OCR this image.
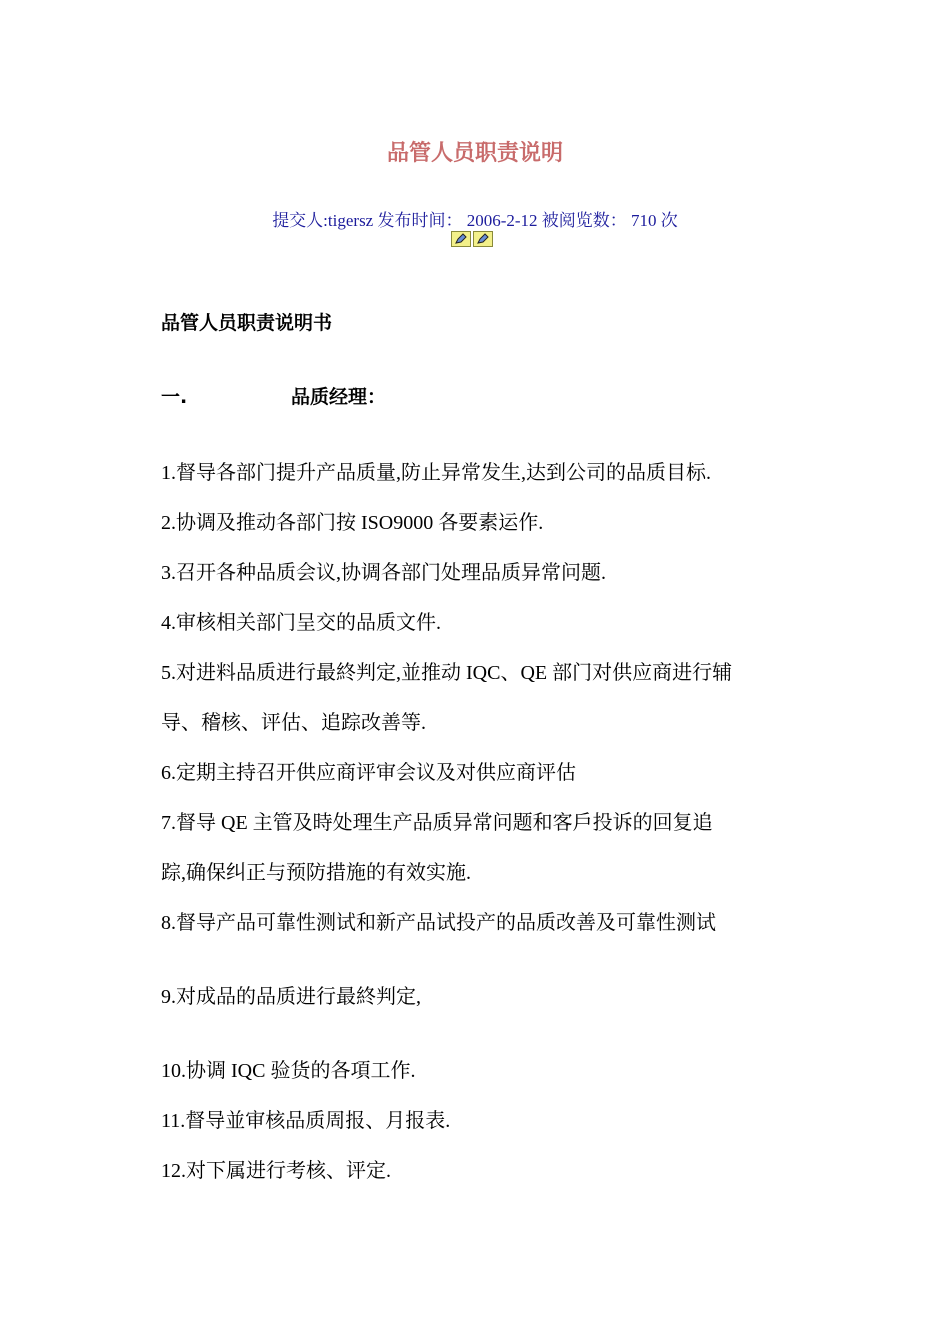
品管人员职责说明
提交人:tigersz 发布时间： 2006-2-12 被阅览数： 710 次
品管人员职责说明书
一.	品质经理：
1.督导各部门提升产品质量,防止异常发生,达到公司的品质目标.
2.协调及推动各部门按 ISO9000 各要素运作.
3.召开各种品质会议,协调各部门处理品质异常问题.
4.审核相关部门呈交的品质文件.
5.对进料品质进行最終判定,並推动 IQC、QE 部门对供应商进行辅
导、稽核、评估、追踪改善等.
6.定期主持召开供应商评审会议及对供应商评估
7.督导 QE 主管及時处理生产品质异常问题和客戶投诉的回复追
踪,确保纠正与预防措施的有效实施.
8.督导产品可靠性测试和新产品试投产的品质改善及可靠性测试
9.对成品的品质进行最終判定,
10.协调 IQC 验货的各項工作.
11.督导並审核品质周报、月报表.
12.对下属进行考核、评定.
